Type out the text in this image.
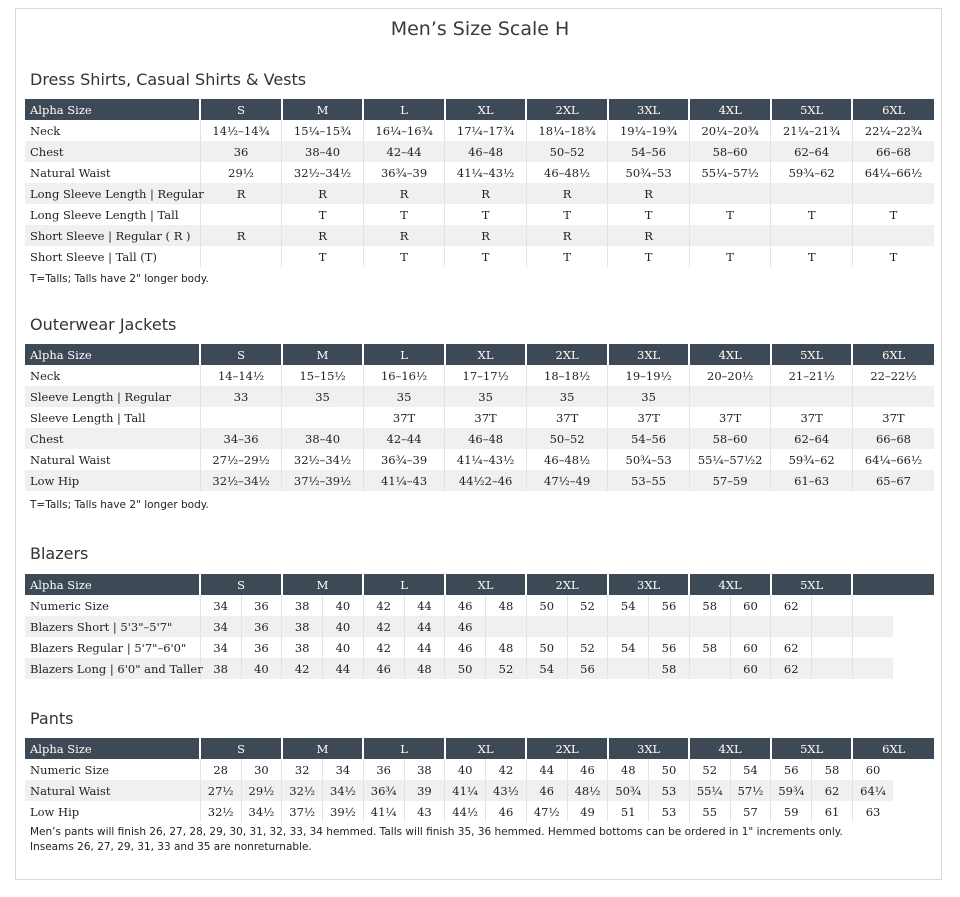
Men’s Size Scale H
Dress Shirts, Casual Shirts & Vests
Alpha Size	S	M	L	XL	2XL	3XL	4XL	5XL	6XL
Neck	14½–14¾	15¼–15¾	16¼–16¾	17¼–17¾	18¼–18¾	19¼–19¾	20¼–20¾	21¼–21¾	22¼–22¾
Chest	36	38–40	42–44	46–48	50–52	54–56	58–60	62–64	66–68
Natural Waist	29½	32½–34½	36¾–39	41¼–43½	46–48½	50¾–53	55¼–57½	59¾–62	64¼–66½
Long Sleeve Length | Regular	R	R	R	R	R	R			
Long Sleeve Length | Tall		T	T	T	T	T	T	T	T
Short Sleeve | Regular ( R )	R	R	R	R	R	R			
Short Sleeve | Tall (T)		T	T	T	T	T	T	T	T
T=Talls; Talls have 2" longer body.
Outerwear Jackets
Alpha Size	S	M	L	XL	2XL	3XL	4XL	5XL	6XL
Neck	14–14½	15–15½	16–16½	17–17½	18–18½	19–19½	20–20½	21–21½	22–22½
Sleeve Length | Regular	33	35	35	35	35	35			
Sleeve Length | Tall			37T	37T	37T	37T	37T	37T	37T
Chest	34–36	38–40	42–44	46–48	50–52	54–56	58–60	62–64	66–68
Natural Waist	27½–29½	32½–34½	36¾–39	41¼–43½	46–48½	50¾–53	55¼–57½2	59¾–62	64¼–66½
Low Hip	32½–34½	37½–39½	41¼–43	44½2–46	47½–49	53–55	57–59	61–63	65–67
T=Talls; Talls have 2" longer body.
Blazers
Alpha Size	S		M		L		XL		2XL		3XL		4XL		5XL		
Numeric Size	34	36	38	40	42	44	46	48	50	52	54	56	58	60	62		
Blazers Short | 5'3"–5'7"	34	36	38	40	42	44	46										
Blazers Regular | 5'7"–6'0"	34	36	38	40	42	44	46	48	50	52	54	56	58	60	62		
Blazers Long | 6'0" and Taller	38	40	42	44	46	48	50	52	54	56		58		60	62		
Pants
Alpha Size	S		M		L		XL		2XL		3XL		4XL		5XL		6XL
Numeric Size	28	30	32	34	36	38	40	42	44	46	48	50	52	54	56	58	60
Natural Waist	27½	29½	32½	34½	36¾	39	41¼	43½	46	48½	50¾	53	55¼	57½	59¾	62	64¼
Low Hip	32½	34½	37½	39½	41¼	43	44½	46	47½	49	51	53	55	57	59	61	63
Men’s pants will finish 26, 27, 28, 29, 30, 31, 32, 33, 34 hemmed. Talls will finish 35, 36 hemmed. Hemmed bottoms can be ordered in 1" increments only.
Inseams 26, 27, 29, 31, 33 and 35 are nonreturnable.
